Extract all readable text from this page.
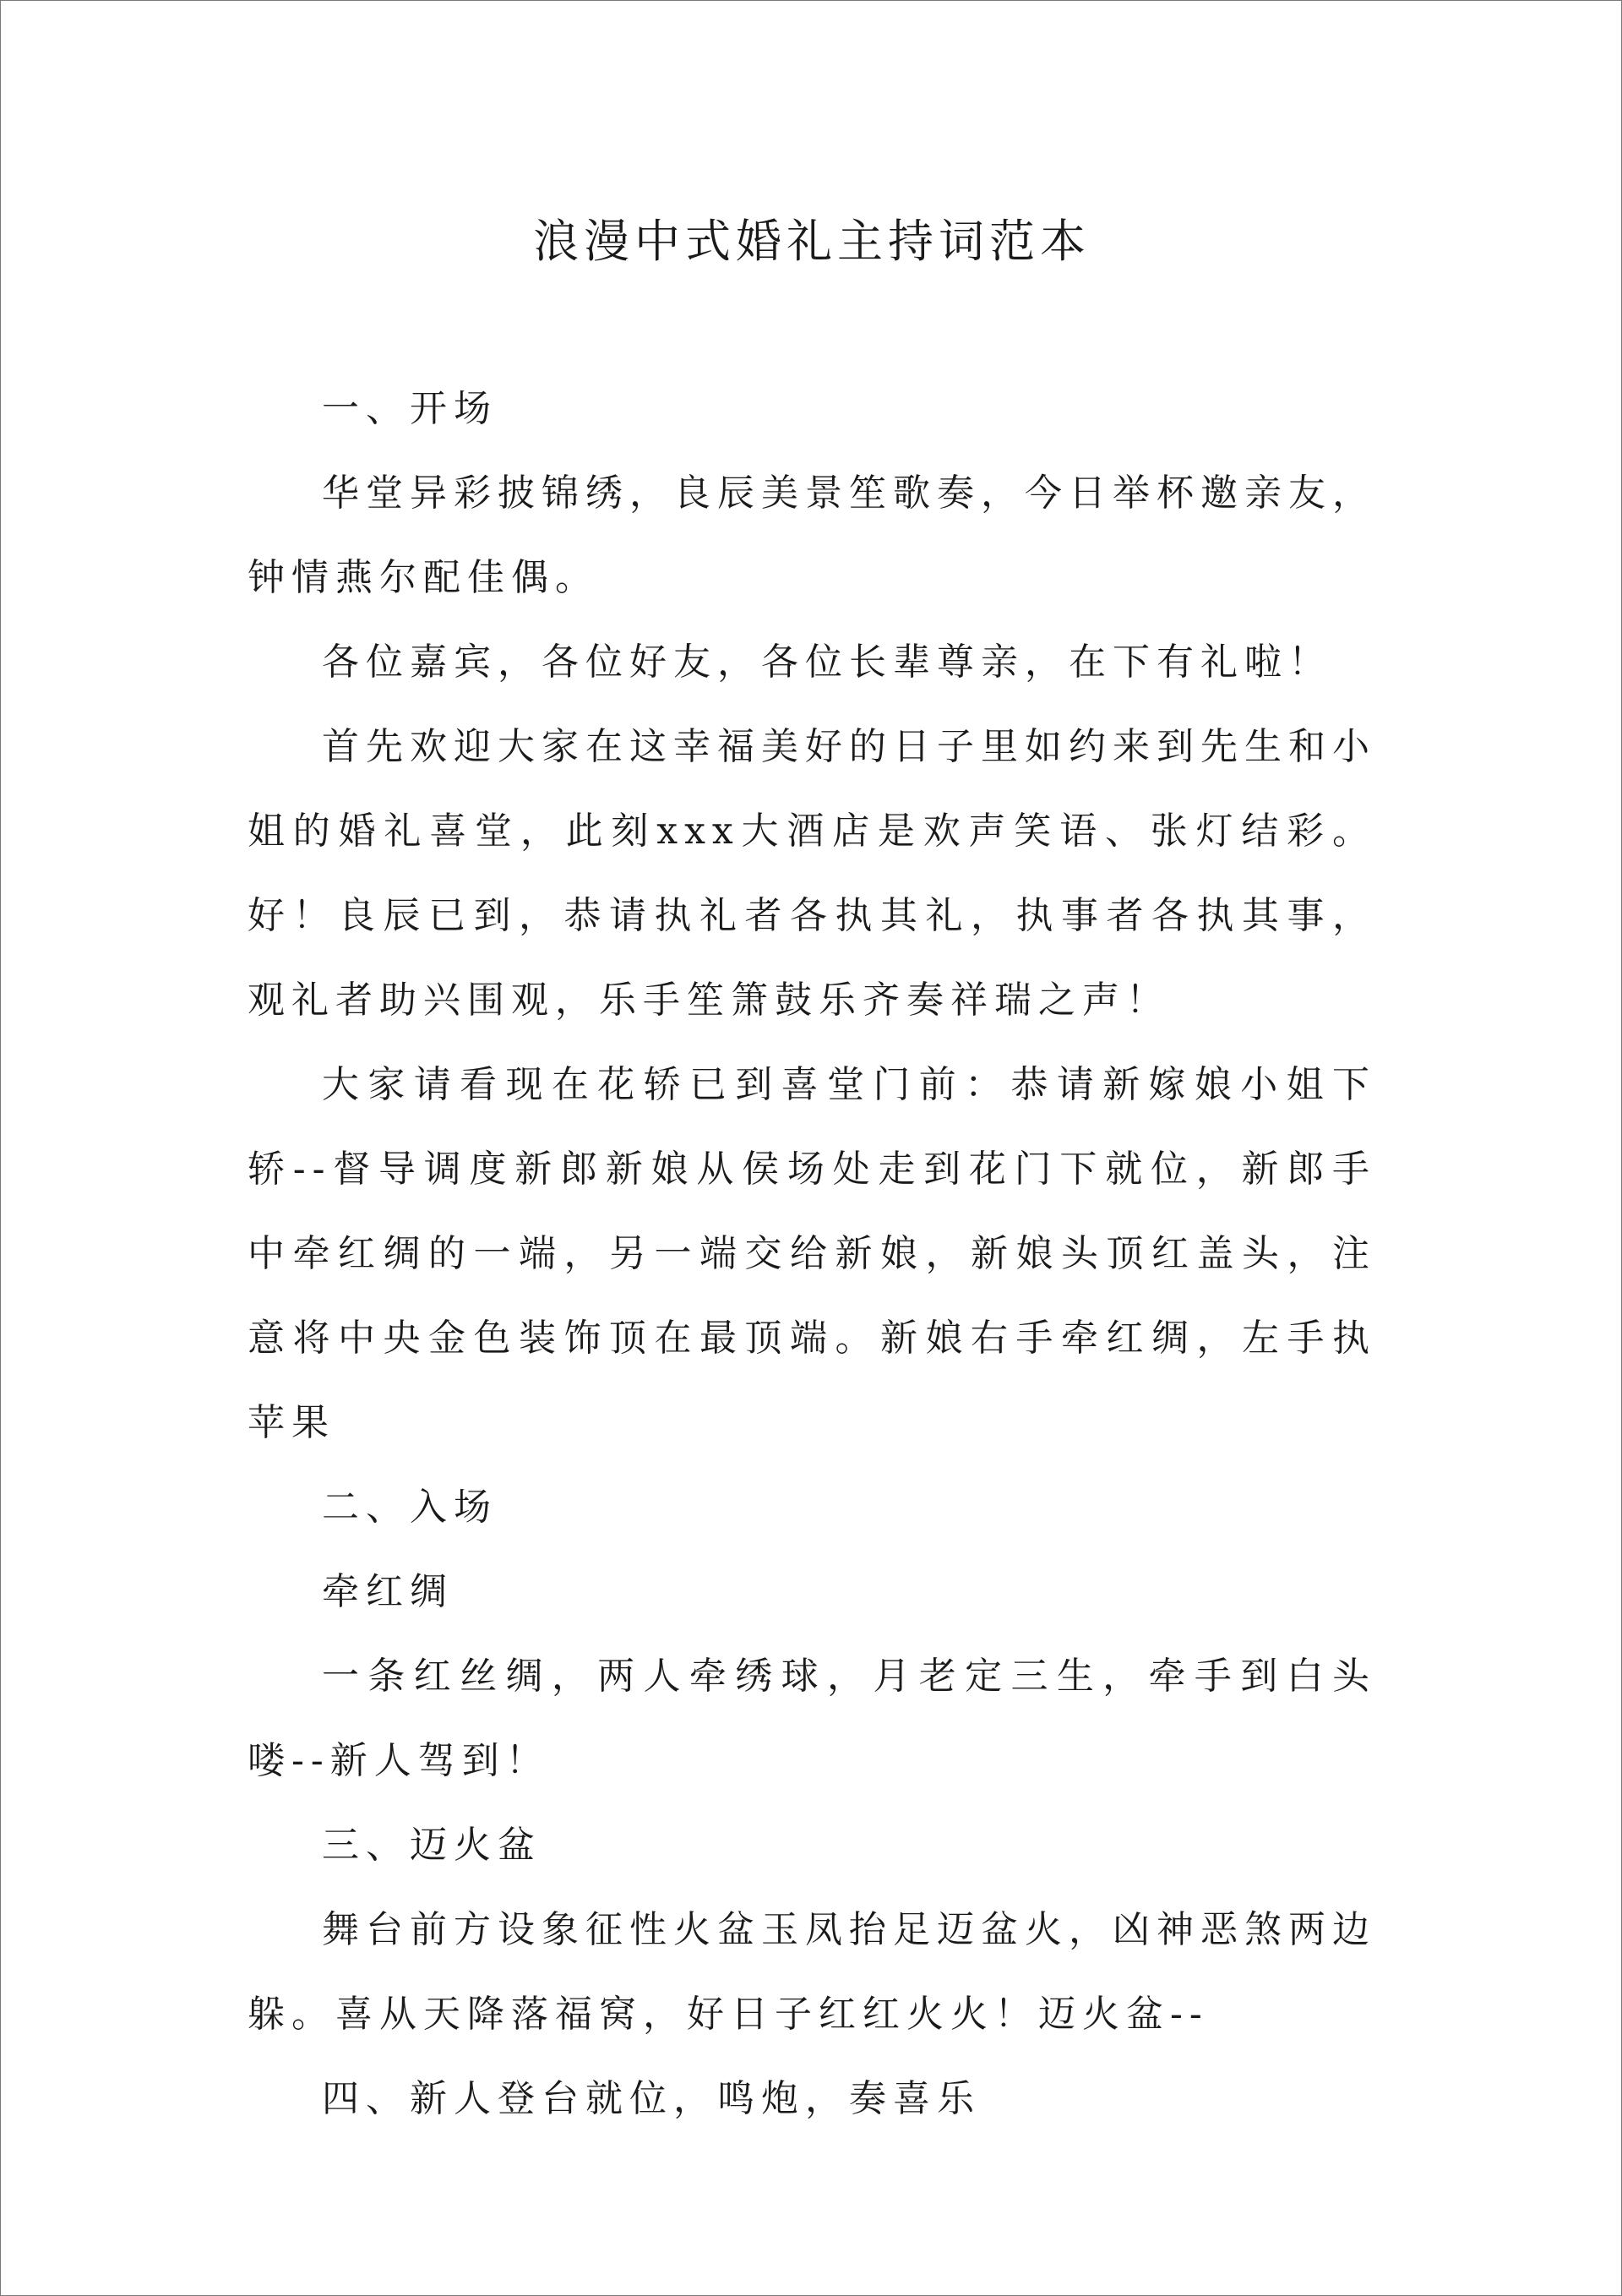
浪漫中式婚礼主持词范本

一、开场

华堂异彩披锦绣，良辰美景笙歌奏，今日举杯邀亲友，钟情燕尔配佳偶。

各位嘉宾，各位好友，各位长辈尊亲，在下有礼啦！

首先欢迎大家在这幸福美好的日子里如约来到先生和小姐的婚礼喜堂，此刻xxx大酒店是欢声笑语、张灯结彩。好！良辰已到，恭请执礼者各执其礼，执事者各执其事，观礼者助兴围观，乐手笙箫鼓乐齐奏祥瑞之声！

大家请看现在花轿已到喜堂门前：恭请新嫁娘小姐下轿--督导调度新郎新娘从侯场处走到花门下就位，新郎手中牵红绸的一端，另一端交给新娘，新娘头顶红盖头，注意将中央金色装饰顶在最顶端。新娘右手牵红绸，左手执苹果

二、入场

牵红绸

一条红丝绸，两人牵绣球，月老定三生，牵手到白头喽--新人驾到！

三、迈火盆

舞台前方设象征性火盆玉凤抬足迈盆火，凶神恶煞两边躲。喜从天降落福窝，好日子红红火火！迈火盆--

四、新人登台就位，鸣炮，奏喜乐
